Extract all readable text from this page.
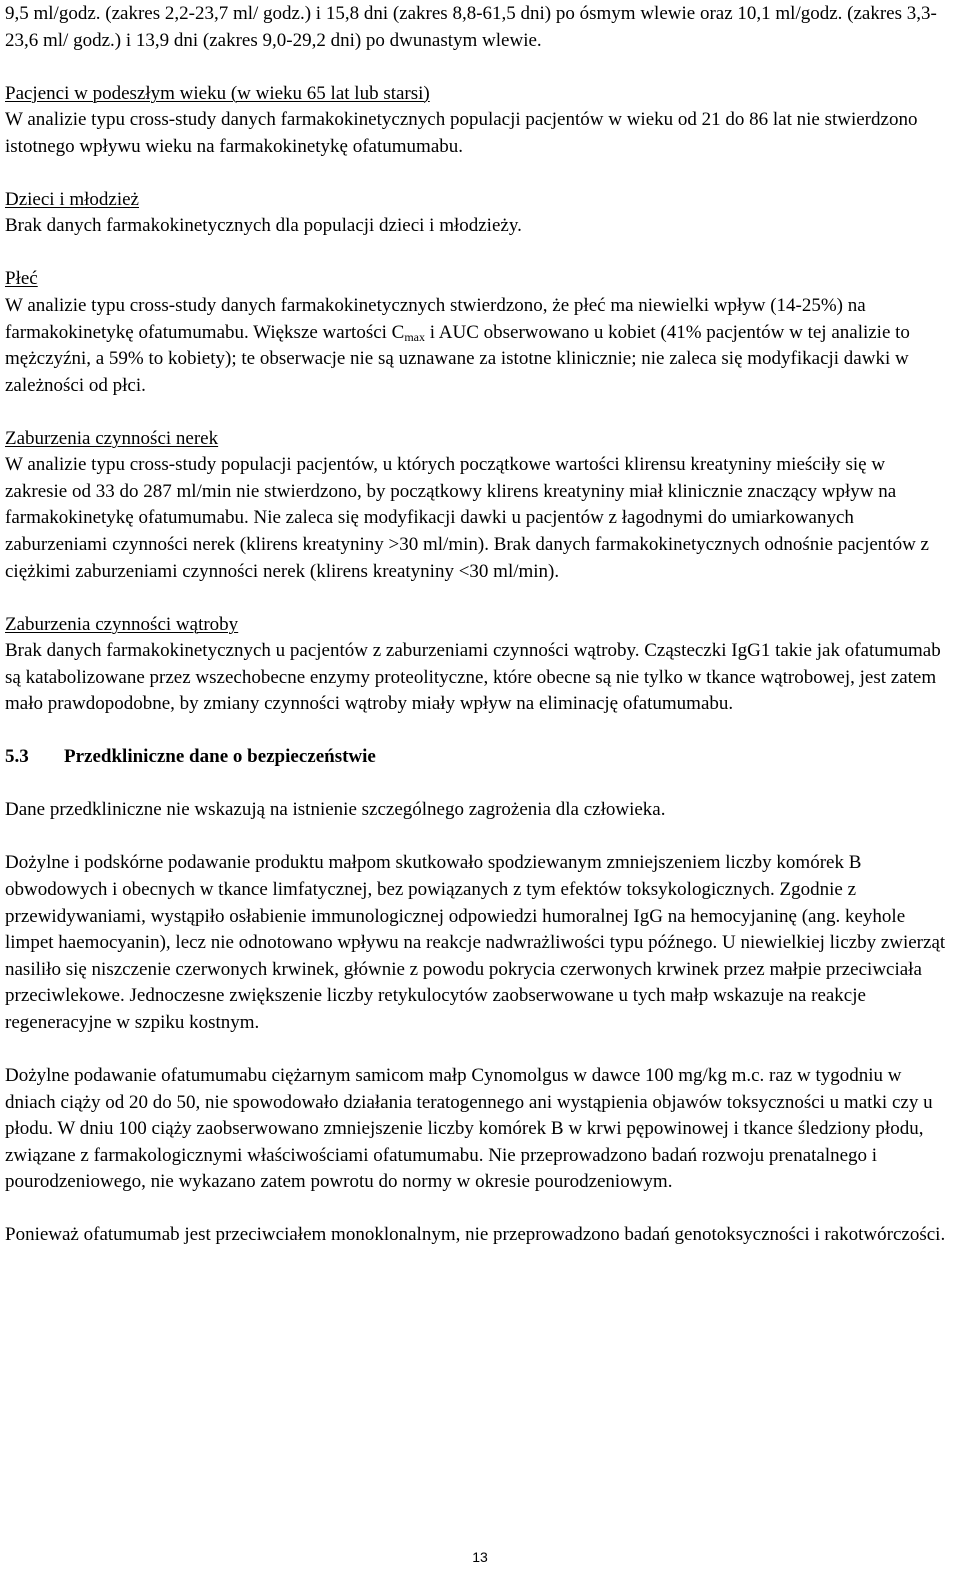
9,5 ml/godz. (zakres 2,2-23,7 ml/ godz.) i 15,8 dni (zakres 8,8-61,5 dni) po ósmym wlewie oraz 10,1 ml/godz. (zakres 3,3-23,6 ml/ godz.) i 13,9 dni (zakres 9,0-29,2 dni) po dwunastym wlewie.

Pacjenci w podeszłym wieku (w wieku 65 lat lub starsi)

W analizie typu cross-study danych farmakokinetycznych populacji pacjentów w wieku od 21 do 86 lat nie stwierdzono istotnego wpływu wieku na farmakokinetykę ofatumumabu.

Dzieci i młodzież

Brak danych farmakokinetycznych dla populacji dzieci i młodzieży.

Płeć

W analizie typu cross-study danych farmakokinetycznych stwierdzono, że płeć ma niewielki wpływ (14-25%) na farmakokinetykę ofatumumabu. Większe wartości $C_{max}$ i AUC obserwowano u kobiet (41% pacjentów w tej analizie to mężczyźni, a 59% to kobiety); te obserwacje nie są uznawane za istotne klinicznie; nie zaleca się modyfikacji dawki w zależności od płci.

Zaburzenia czynności nerek

W analizie typu cross-study populacji pacjentów, u których początkowe wartości klirensu kreatyniny mieściły się w zakresie od 33 do 287 ml/min nie stwierdzono, by początkowy klirens kreatyniny miał klinicznie znaczący wpływ na farmakokinetykę ofatumumabu. Nie zaleca się modyfikacji dawki u pacjentów z łagodnymi do umiarkowanych zaburzeniami czynności nerek (klirens kreatyniny >30 ml/min). Brak danych farmakokinetycznych odnośnie pacjentów z ciężkimi zaburzeniami czynności nerek (klirens kreatyniny <30 ml/min).

Zaburzenia czynności wątroby

Brak danych farmakokinetycznych u pacjentów z zaburzeniami czynności wątroby. Cząsteczki IgG1 takie jak ofatumumab są katabolizowane przez wszechobecne enzymy proteolityczne, które obecne są nie tylko w tkance wątrobowej, jest zatem mało prawdopodobne, by zmiany czynności wątroby miały wpływ na eliminację ofatumumabu.

5.3 Przedkliniczne dane o bezpieczeństwie

Dane przedkliniczne nie wskazują na istnienie szczególnego zagrożenia dla człowieka.

Dożylne i podskórne podawanie produktu małpom skutkowało spodziewanym zmniejszeniem liczby komórek B obwodowych i obecnych w tkance limfatycznej, bez powiązanych z tym efektów toksykologicznych. Zgodnie z przewidywaniami, wystąpiło osłabienie immunologicznej odpowiedzi humoralnej IgG na hemocyjaninę (ang. keyhole limpet haemocyanin), lecz nie odnotowano wpływu na reakcje nadwrażliwości typu późnego. U niewielkiej liczby zwierząt nasiliło się niszczenie czerwonych krwinek, głównie z powodu pokrycia czerwonych krwinek przez małpie przeciwciała przeciwlekowe. Jednoczesne zwiększenie liczby retykulocytów zaobserwowane u tych małp wskazuje na reakcje regeneracyjne w szpiku kostnym.

Dożylne podawanie ofatumumabu ciężarnym samicom małp Cynomolgus w dawce 100 mg/kg m.c. raz w tygodniu w dniach ciąży od 20 do 50, nie spowodowało działania teratogennego ani wystąpienia objawów toksyczności u matki czy u płodu. W dniu 100 ciąży zaobserwowano zmniejszenie liczby komórek B w krwi pępowinowej i tkance śledziony płodu, związane z farmakologicznymi właściwościami ofatumumabu. Nie przeprowadzono badań rozwoju prenatalnego i pourodzeniowego, nie wykazano zatem powrotu do normy w okresie pourodzeniowym.

Ponieważ ofatumumab jest przeciwciałem monoklonalnym, nie przeprowadzono badań genotoksyczności i rakotwórczości.

13
